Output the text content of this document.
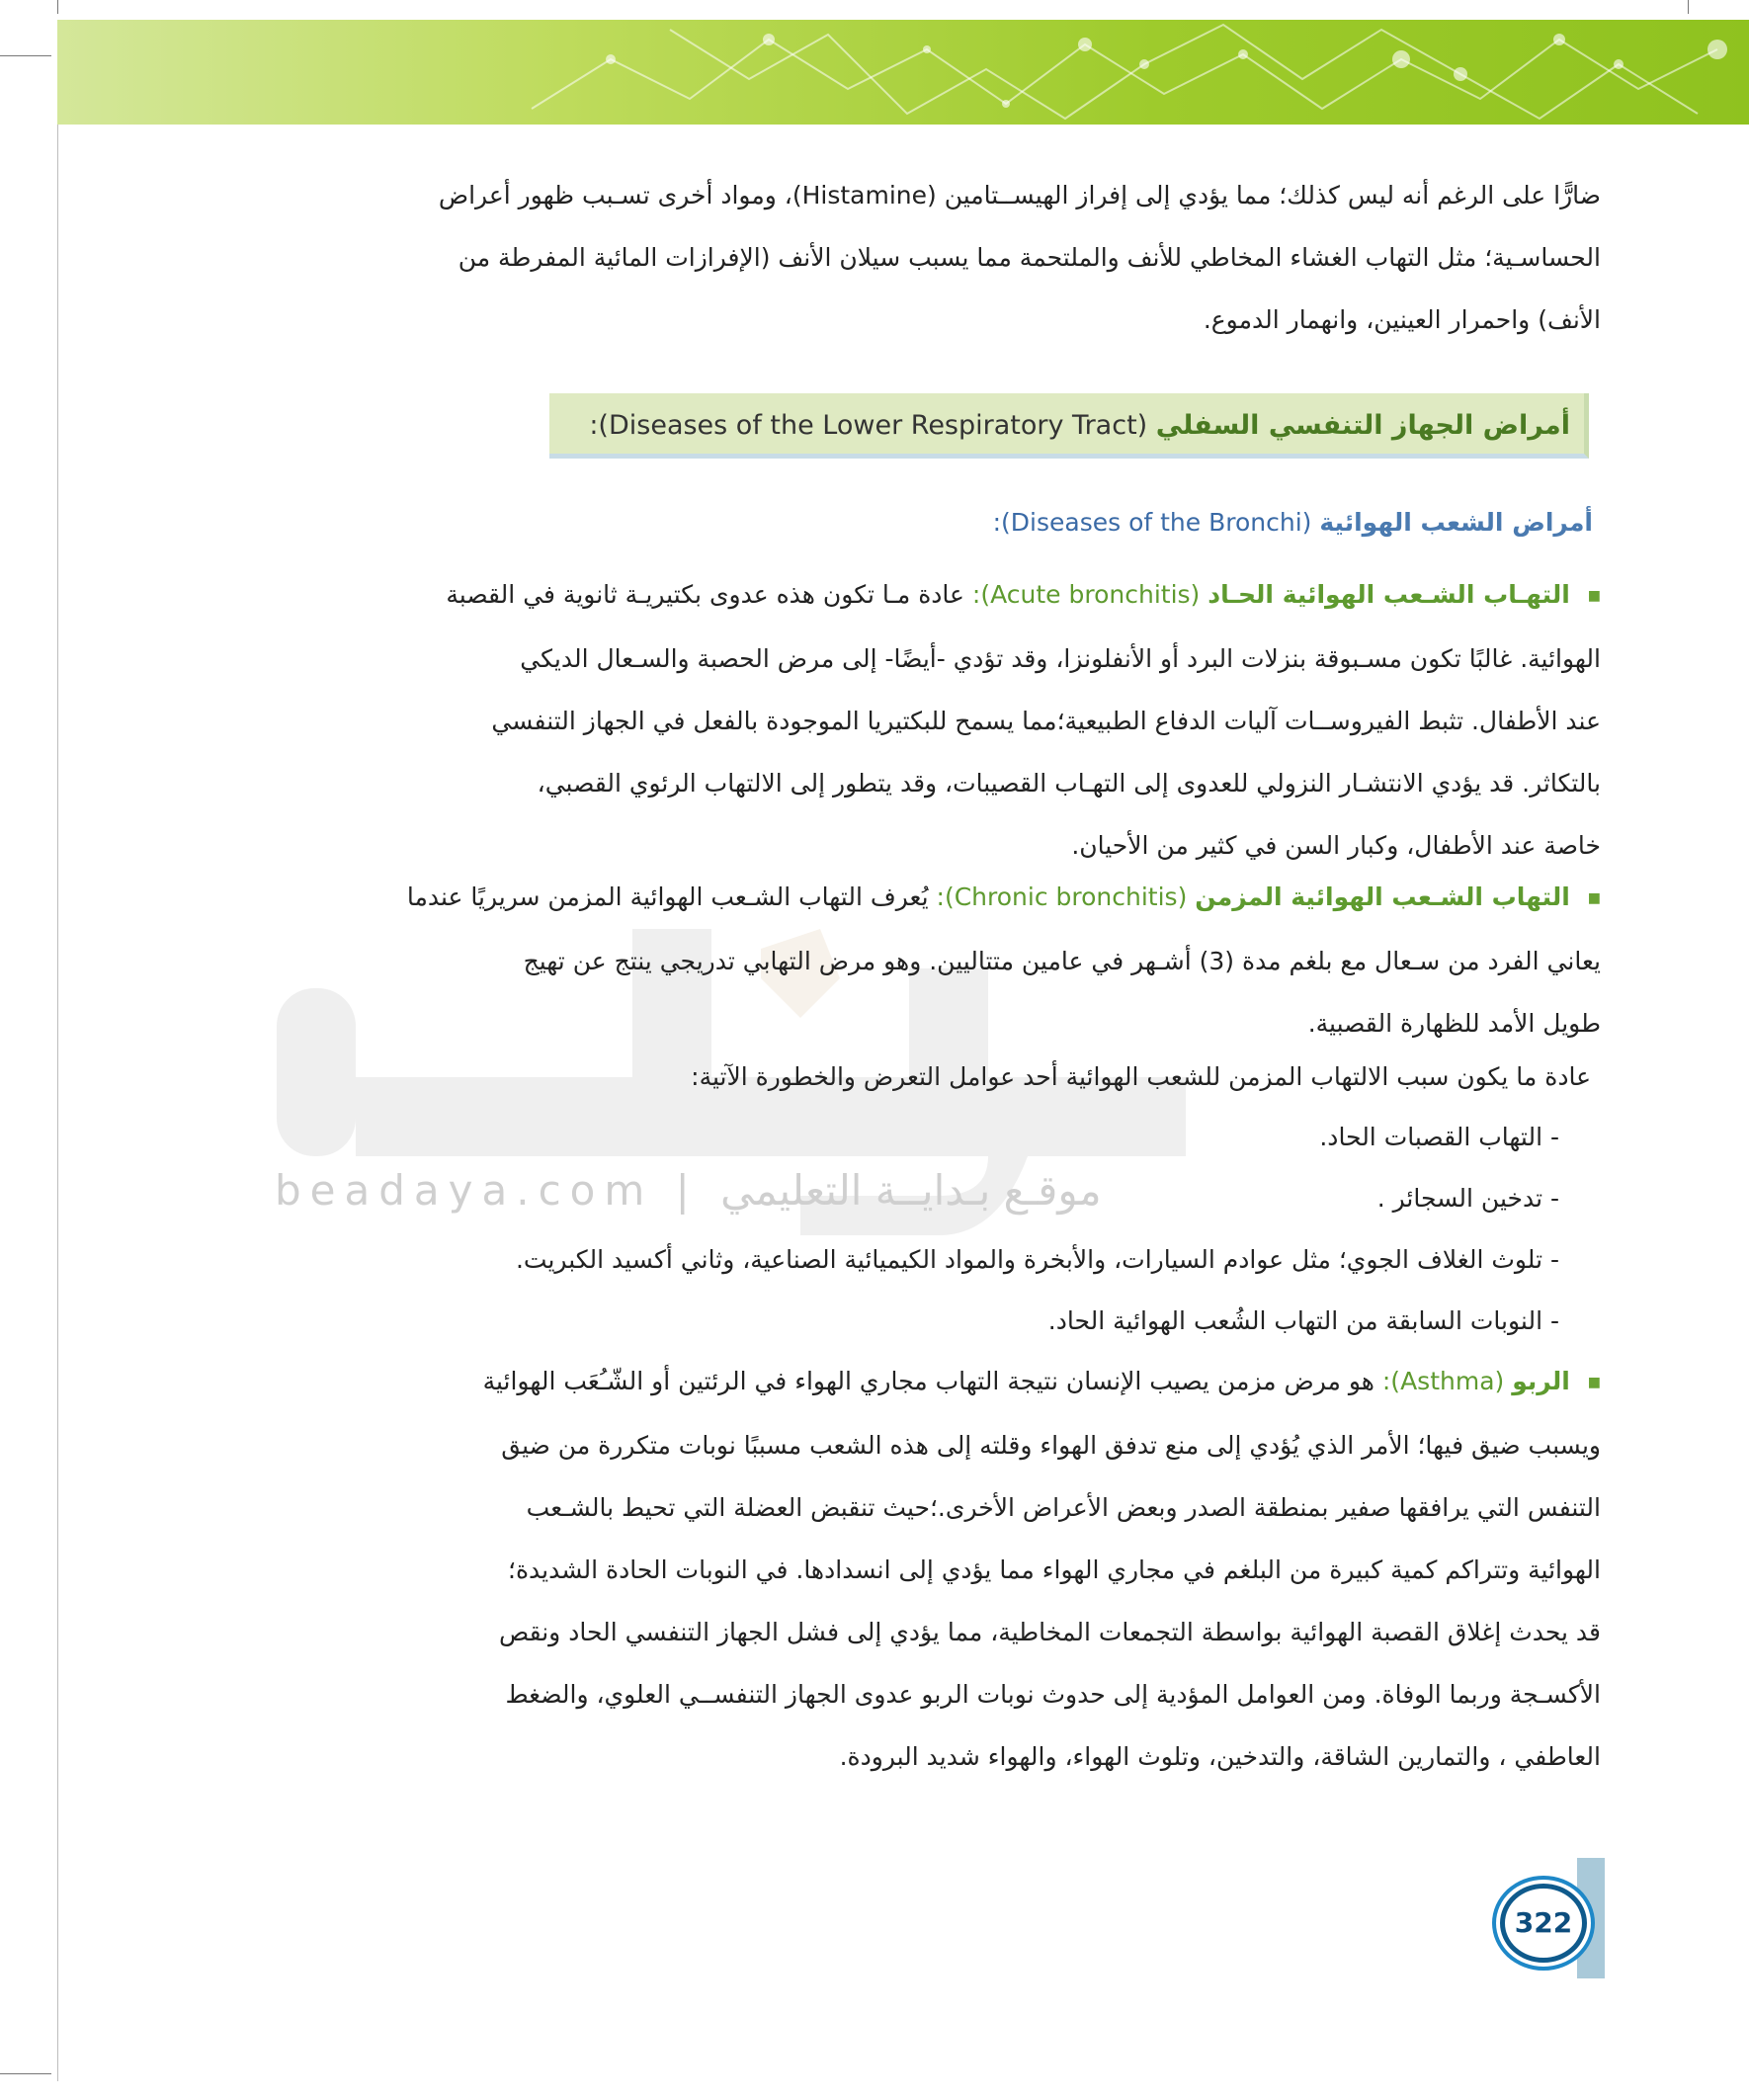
beadaya.com | موقـع بـدايــة التعليمي
ضارًّا على الرغم أنه ليس كذلك؛ مما يؤدي إلى إفراز الهيســتامين (Histamine)، ومواد أخرى تسـبب ظهور أعراض
الحساسـية؛ مثل التهاب الغشاء المخاطي للأنف والملتحمة مما يسبب سيلان الأنف (الإفرازات المائية المفرطة من
الأنف) واحمرار العينين، وانهمار الدموع.
أمراض الجهاز التنفسي السفلي (Diseases of the Lower Respiratory Tract):
أمراض الشعب الهوائية (Diseases of the Bronchi):
■ التهـاب الشـعب الهوائية الحـاد (Acute bronchitis): عادة مـا تكون هذه عدوى بكتيريـة ثانوية في القصبة
الهوائية. غالبًا تكون مسـبوقة بنزلات البرد أو الأنفلونزا، وقد تؤدي -أيضًا- إلى مرض الحصبة والسـعال الديكي
عند الأطفال. تثبط الفيروســات آليات الدفاع الطبيعية؛مما يسمح للبكتيريا الموجودة بالفعل في الجهاز التنفسي
بالتكاثر. قد يؤدي الانتشـار النزولي للعدوى إلى التهـاب القصيبات، وقد يتطور إلى الالتهاب الرئوي القصبي،
خاصة عند الأطفال، وكبار السن في كثير من الأحيان.
■ التهاب الشـعب الهوائية المزمن (Chronic bronchitis): يُعرف التهاب الشـعب الهوائية المزمن سريريًا عندما
يعاني الفرد من سـعال مع بلغم مدة (3) أشـهر في عامين متتاليين. وهو مرض التهابي تدريجي ينتج عن تهيج
طويل الأمد للظهارة القصبية.
عادة ما يكون سبب الالتهاب المزمن للشعب الهوائية أحد عوامل التعرض والخطورة الآتية:
- التهاب القصبات الحاد.
- تدخين السجائر .
- تلوث الغلاف الجوي؛ مثل عوادم السيارات، والأبخرة والمواد الكيميائية الصناعية، وثاني أكسيد الكبريت.
- النوبات السابقة من التهاب الشُعب الهوائية الحاد.
■ الربو (Asthma): هو مرض مزمن يصيب الإنسان نتيجة التهاب مجاري الهواء في الرئتين أو الشّـُعَب الهوائية
ويسبب ضيق فيها؛ الأمر الذي يُؤدي إلى منع تدفق الهواء وقلته إلى هذه الشعب مسببًا نوبات متكررة من ضيق
التنفس التي يرافقها صفير بمنطقة الصدر وبعض الأعراض الأخرى.؛حيث تنقبض العضلة التي تحيط بالشـعب
الهوائية وتتراكم كمية كبيرة من البلغم في مجاري الهواء مما يؤدي إلى انسدادها. في النوبات الحادة الشديدة؛
قد يحدث إغلاق القصبة الهوائية بواسطة التجمعات المخاطية، مما يؤدي إلى فشل الجهاز التنفسي الحاد ونقص
الأكسـجة وربما الوفاة. ومن العوامل المؤدية إلى حدوث نوبات الربو عدوى الجهاز التنفســي العلوي، والضغط
العاطفي ، والتمارين الشاقة، والتدخين، وتلوث الهواء، والهواء شديد البرودة.
322
